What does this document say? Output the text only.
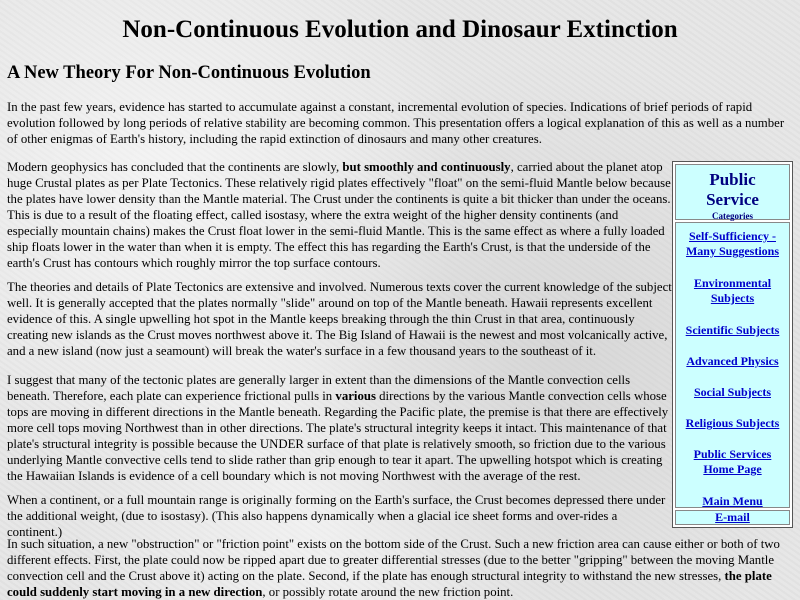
Non-Continuous Evolution and Dinosaur Extinction
A New Theory For Non-Continuous Evolution

In the past few years, evidence has started to accumulate against a constant, incremental evolution of species. Indications of brief periods of rapid evolution followed by long periods of relative stability are becoming common. This presentation offers a logical explanation of this as well as a number of other enigmas of Earth's history, including the rapid extinction of dinosaurs and many other creatures.

Modern geophysics has concluded that the continents are slowly, but smoothly and continuously, carried about the planet atop huge Crustal plates as per Plate Tectonics. These relatively rigid plates effectively "float" on the semi-fluid Mantle below because the plates have lower density than the Mantle material. The Crust under the continents is quite a bit thicker than under the oceans. This is due to a result of the floating effect, called isostasy, where the extra weight of the higher density continents (and especially mountain chains) makes the Crust float lower in the semi-fluid Mantle. This is the same effect as where a fully loaded ship floats lower in the water than when it is empty. The effect this has regarding the Earth's Crust, is that the underside of the earth's Crust has contours which roughly mirror the top surface contours.

The theories and details of Plate Tectonics are extensive and involved. Numerous texts cover the current knowledge of the subject well. It is generally accepted that the plates normally "slide" around on top of the Mantle beneath. Hawaii represents excellent evidence of this. A single upwelling hot spot in the Mantle keeps breaking through the thin Crust in that area, continuously creating new islands as the Crust moves northwest above it. The Big Island of Hawaii is the newest and most volcanically active, and a new island (now just a seamount) will break the water's surface in a few thousand years to the southeast of it.

I suggest that many of the tectonic plates are generally larger in extent than the dimensions of the Mantle convection cells beneath. Therefore, each plate can experience frictional pulls in various directions by the various Mantle convection cells whose tops are moving in different directions in the Mantle beneath. Regarding the Pacific plate, the premise is that there are effectively more cell tops moving Northwest than in other directions. The plate's structural integrity keeps it intact. This maintenance of that plate's structural integrity is possible because the UNDER surface of that plate is relatively smooth, so friction due to the various underlying Mantle convective cells tend to slide rather than grip enough to tear it apart. The upwelling hotspot which is creating the Hawaiian Islands is evidence of a cell boundary which is not moving Northwest with the average of the rest.

When a continent, or a full mountain range is originally forming on the Earth's surface, the Crust becomes depressed there under the additional weight, (due to isostasy). (This also happens dynamically when a glacial ice sheet forms and over-rides a continent.)

In such situation, a new "obstruction" or "friction point" exists on the bottom side of the Crust. Such a new friction area can cause either or both of two different effects. First, the plate could now be ripped apart due to greater differential stresses (due to the better "gripping" between the moving Mantle convection cell and the Crust above it) acting on the plate. Second, if the plate has enough structural integrity to withstand the new stresses, the plate could suddenly start moving in a new direction, or possibly rotate around the new friction point.

Public
Service
Categories
Self-Sufficiency - Many Suggestions
Environmental Subjects
Scientific Subjects
Advanced Physics
Social Subjects
Religious Subjects
Public Services Home Page
Main Menu
E-mail
